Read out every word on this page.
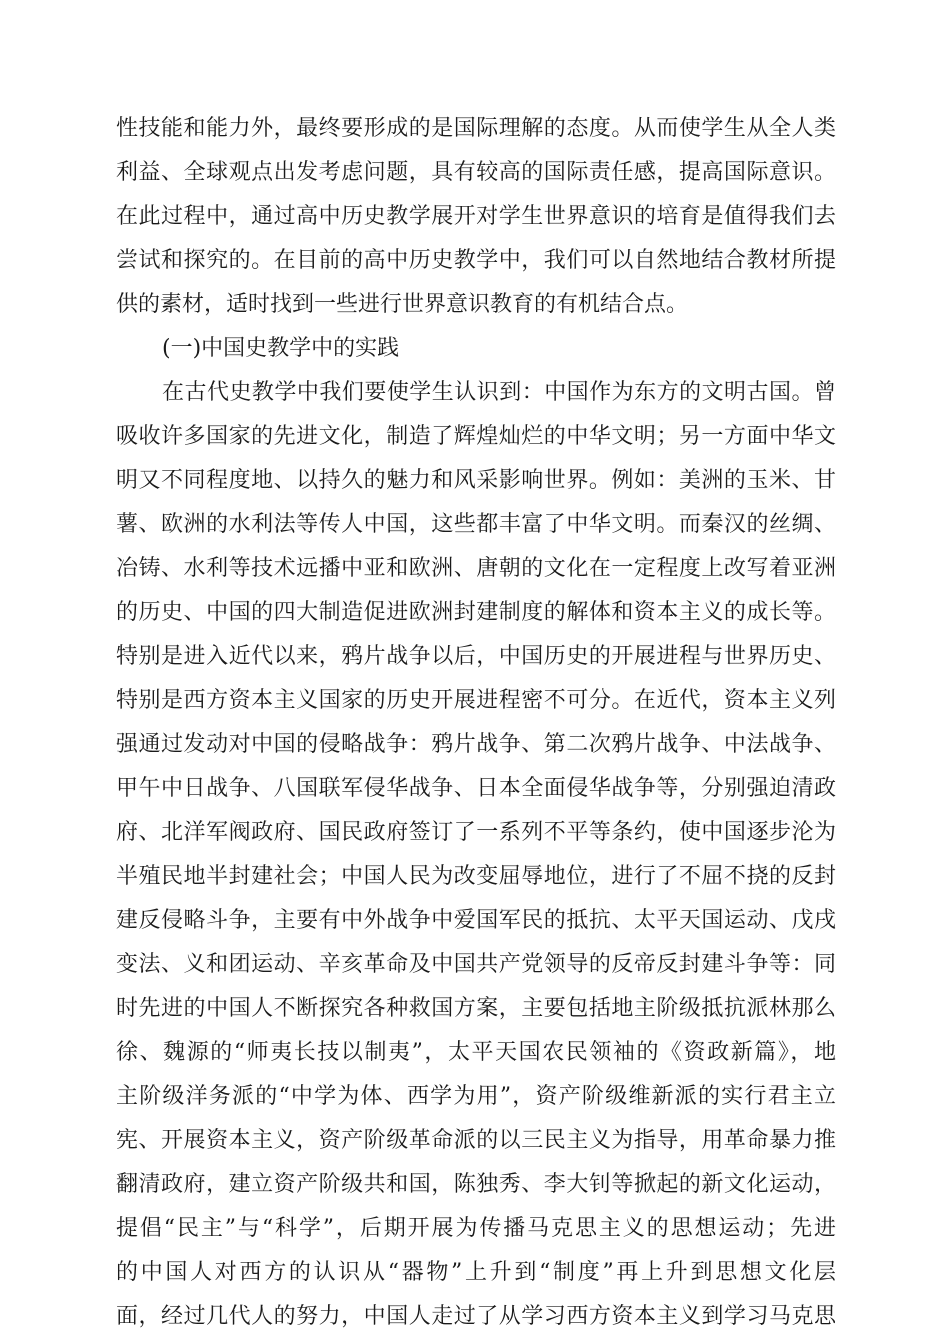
性技能和能力外，最终要形成的是国际理解的态度。从而使学生从全人类
利益、全球观点出发考虑问题，具有较高的国际责任感，提高国际意识。
在此过程中，通过高中历史教学展开对学生世界意识的培育是值得我们去
尝试和探究的。在目前的高中历史教学中，我们可以自然地结合教材所提
供的素材，适时找到一些进行世界意识教育的有机结合点。
(一)中国史教学中的实践
在古代史教学中我们要使学生认识到：中国作为东方的文明古国。曾
吸收许多国家的先进文化，制造了辉煌灿烂的中华文明；另一方面中华文
明又不同程度地、以持久的魅力和风采影响世界。例如：美洲的玉米、甘
薯、欧洲的水利法等传人中国，这些都丰富了中华文明。而秦汉的丝绸、
冶铸、水利等技术远播中亚和欧洲、唐朝的文化在一定程度上改写着亚洲
的历史、中国的四大制造促进欧洲封建制度的解体和资本主义的成长等。
特别是进入近代以来，鸦片战争以后，中国历史的开展进程与世界历史、
特别是西方资本主义国家的历史开展进程密不可分。在近代，资本主义列
强通过发动对中国的侵略战争：鸦片战争、第二次鸦片战争、中法战争、
甲午中日战争、八国联军侵华战争、日本全面侵华战争等，分别强迫清政
府、北洋军阀政府、国民政府签订了一系列不平等条约，使中国逐步沦为
半殖民地半封建社会；中国人民为改变屈辱地位，进行了不屈不挠的反封
建反侵略斗争，主要有中外战争中爱国军民的抵抗、太平天国运动、戊戌
变法、义和团运动、辛亥革命及中国共产党领导的反帝反封建斗争等：同
时先进的中国人不断探究各种救国方案，主要包括地主阶级抵抗派林那么
徐、魏源的“师夷长技以制夷”，太平天国农民领袖的《资政新篇》，地
主阶级洋务派的“中学为体、西学为用”，资产阶级维新派的实行君主立
宪、开展资本主义，资产阶级革命派的以三民主义为指导，用革命暴力推
翻清政府，建立资产阶级共和国，陈独秀、李大钊等掀起的新文化运动，
提倡“民主”与“科学”，后期开展为传播马克思主义的思想运动；先进
的中国人对西方的认识从“器物”上升到“制度”再上升到思想文化层
面，经过几代人的努力，中国人走过了从学习西方资本主义到学习马克思
